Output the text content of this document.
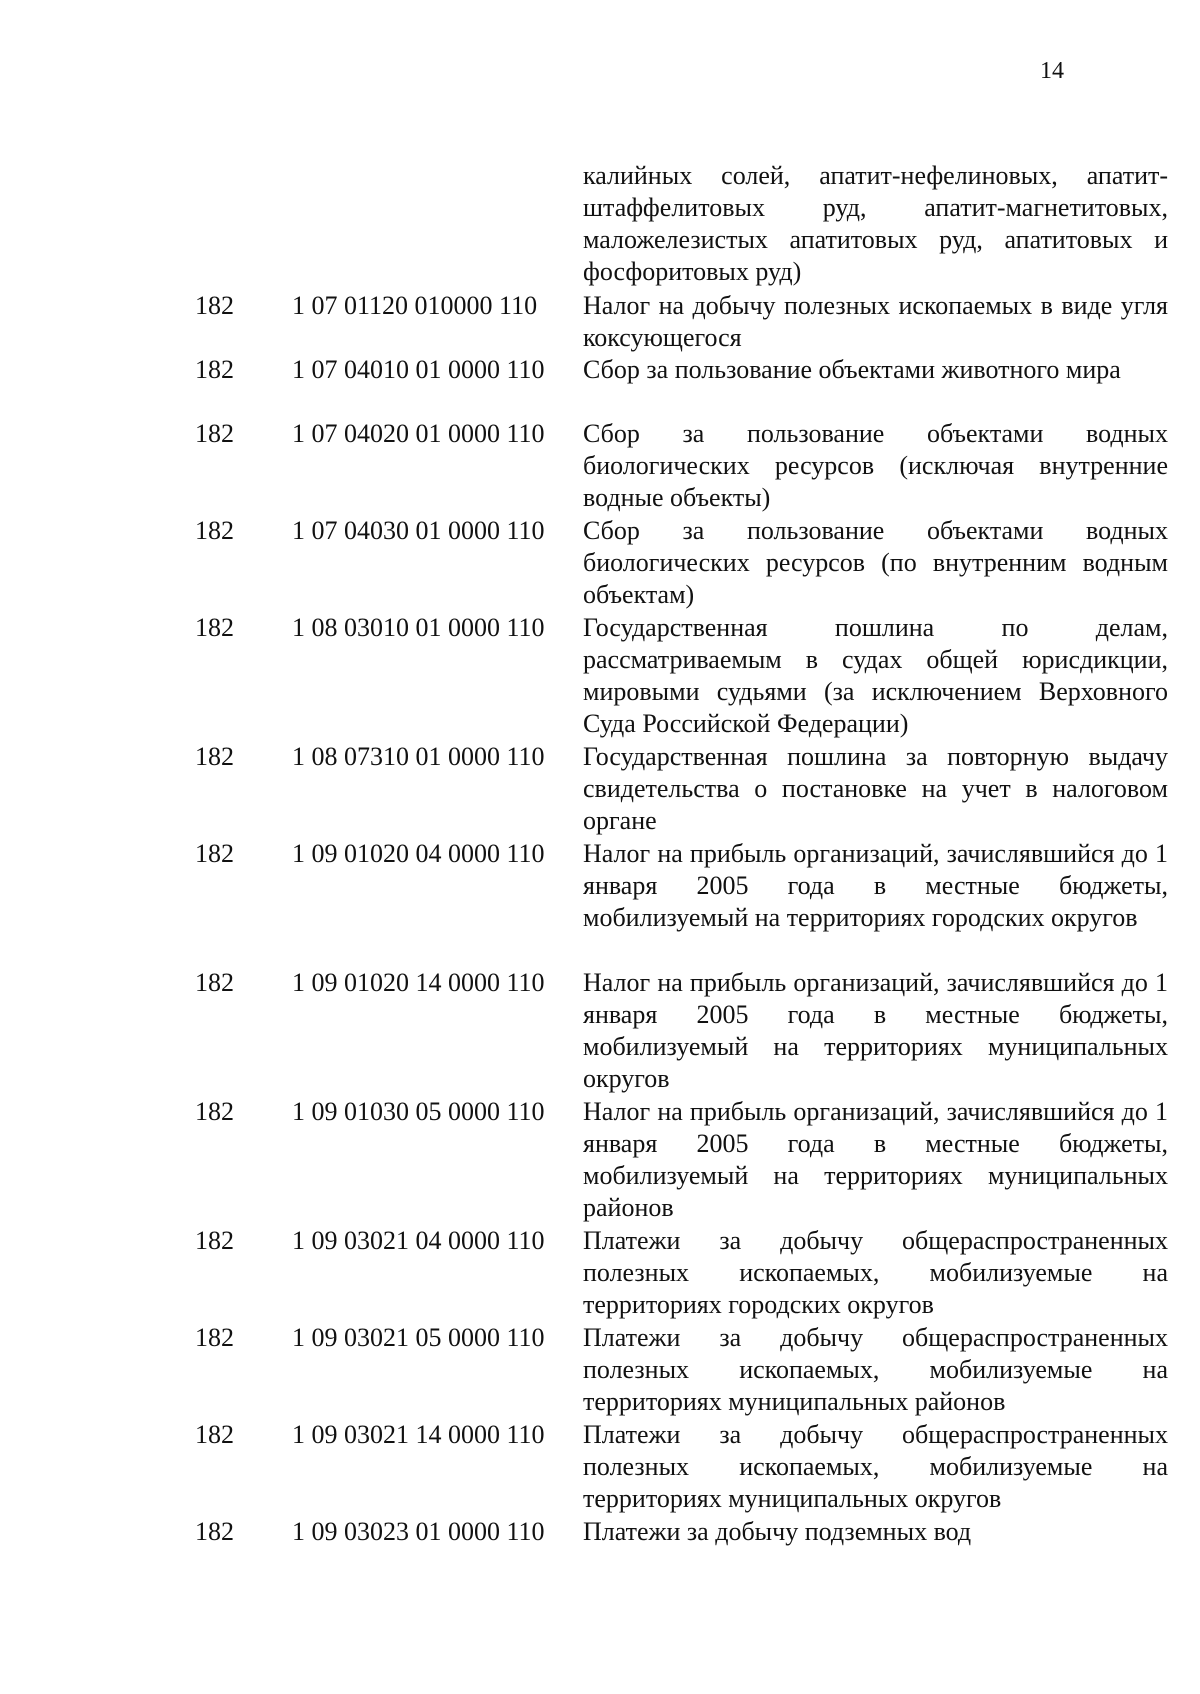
14
калийных солей, апатит-нефелиновых, апатит-штаффелитовых руд, апатит-магнетитовых, маложелезистых апатитовых руд, апатитовых и фосфоритовых руд)
182	1 07 01120 010000 110	Налог на добычу полезных ископаемых в виде угля коксующегося
182	1 07 04010 01 0000 110	Сбор за пользование объектами животного мира
182	1 07 04020 01 0000 110	Сбор за пользование объектами водных биологических ресурсов (исключая внутренние водные объекты)
182	1 07 04030 01 0000 110	Сбор за пользование объектами водных биологических ресурсов (по внутренним водным объектам)
182	1 08 03010 01 0000 110	Государственная пошлина по делам, рассматриваемым в судах общей юрисдикции, мировыми судьями (за исключением Верховного Суда Российской Федерации)
182	1 08 07310 01 0000 110	Государственная пошлина за повторную выдачу свидетельства о постановке на учет в налоговом органе
182	1 09 01020 04 0000 110	Налог на прибыль организаций, зачислявшийся до 1 января 2005 года в местные бюджеты, мобилизуемый на территориях городских округов
182	1 09 01020 14 0000 110	Налог на прибыль организаций, зачислявшийся до 1 января 2005 года в местные бюджеты, мобилизуемый на территориях муниципальных округов
182	1 09 01030 05 0000 110	Налог на прибыль организаций, зачислявшийся до 1 января 2005 года в местные бюджеты, мобилизуемый на территориях муниципальных районов
182	1 09 03021 04 0000 110	Платежи за добычу общераспространенных полезных ископаемых, мобилизуемые на территориях городских округов
182	1 09 03021 05 0000 110	Платежи за добычу общераспространенных полезных ископаемых, мобилизуемые на территориях муниципальных районов
182	1 09 03021 14 0000 110	Платежи за добычу общераспространенных полезных ископаемых, мобилизуемые на территориях муниципальных округов
182	1 09 03023 01 0000 110	Платежи за добычу подземных вод
